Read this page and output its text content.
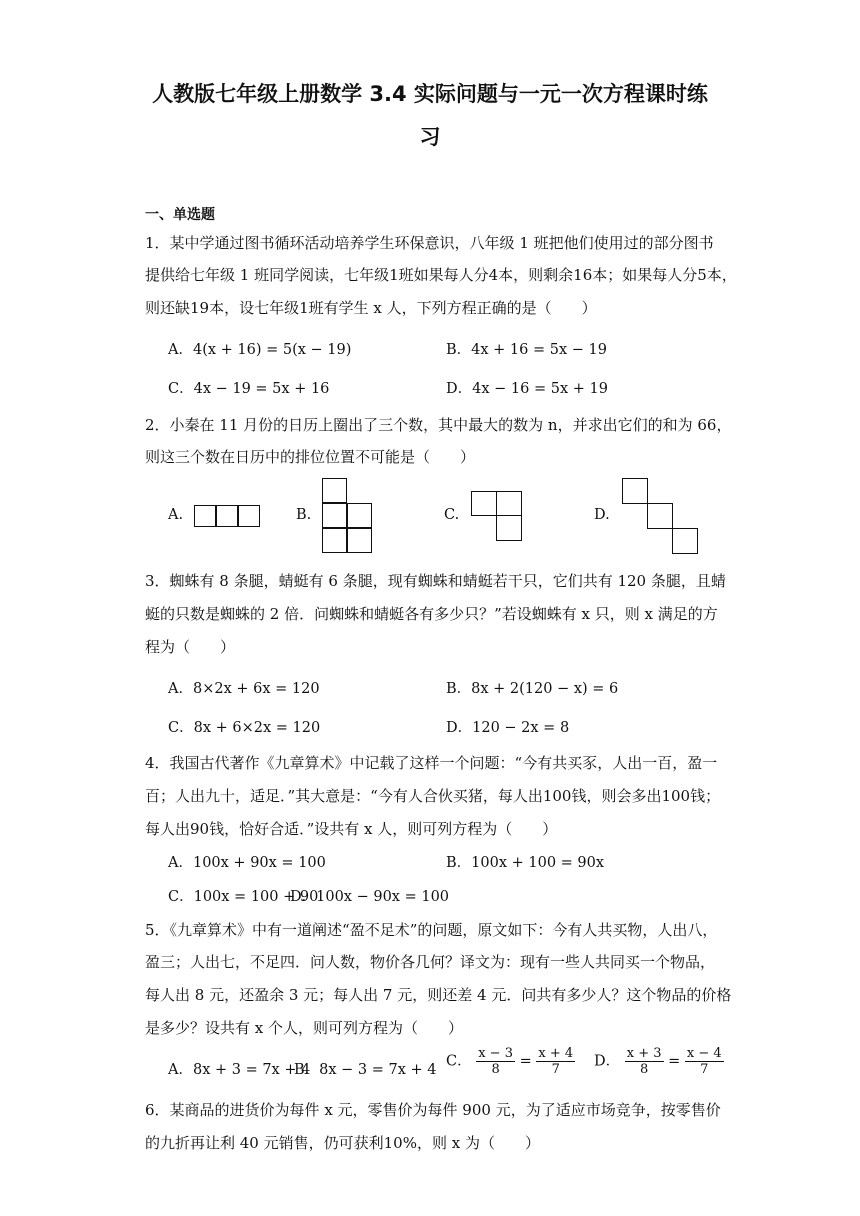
人教版七年级上册数学 3.4 实际问题与一元一次方程课时练
习
一、单选题
1．某中学通过图书循环活动培养学生环保意识，八年级 1 班把他们使用过的部分图书
提供给七年级 1 班同学阅读，七年级1班如果每人分4本，则剩余16本；如果每人分5本，
则还缺19本，设七年级1班有学生 x 人，下列方程正确的是（　　）
A．4(x + 16) = 5(x − 19)	B．4x + 16 = 5x − 19
C．4x − 19 = 5x + 16	D．4x − 16 = 5x + 19
2．小秦在 11 月份的日历上圈出了三个数，其中最大的数为 n，并求出它们的和为 66，
则这三个数在日历中的排位位置不可能是（　　）
A.	B.	C.	D.
3．蜘蛛有 8 条腿，蜻蜓有 6 条腿，现有蜘蛛和蜻蜓若干只，它们共有 120 条腿，且蜻
蜓的只数是蜘蛛的 2 倍．问蜘蛛和蜻蜓各有多少只？”若设蜘蛛有 x 只，则 x 满足的方
程为（　　）
A．8×2x + 6x = 120	B．8x + 2(120 − x) = 6
C．8x + 6×2x = 120	D．120 − 2x = 8
4．我国古代著作《九章算术》中记载了这样一个问题：“今有共买豕，人出一百，盈一
百；人出九十，适足．”其大意是：“今有人合伙买猪，每人出100钱，则会多出100钱；
每人出90钱，恰好合适．”设共有 x 人，则可列方程为（　　）
A．100x + 90x = 100	B．100x + 100 = 90x
C．100x = 100 + 90
D．100x − 90x = 100
5．《九章算术》中有一道阐述“盈不足术”的问题，原文如下：今有人共买物，人出八，
盈三；人出七，不足四．问人数，物价各几何？译文为：现有一些人共同买一个物品，
每人出 8 元，还盈余 3 元；每人出 7 元，则还差 4 元．问共有多少人？这个物品的价格
是多少？设共有 x 个人，则可列方程为（　　）
A．8x + 3 = 7x + 4
B．8x − 3 = 7x + 4
C． $\frac{x - 3}{8} = \frac{x + 4}{7}$ D． $\frac{x + 3}{8} = \frac{x - 4}{7}$
6．某商品的进货价为每件 x 元，零售价为每件 900 元，为了适应市场竞争，按零售价
的九折再让利 40 元销售，仍可获利10%，则 x 为（　　）
